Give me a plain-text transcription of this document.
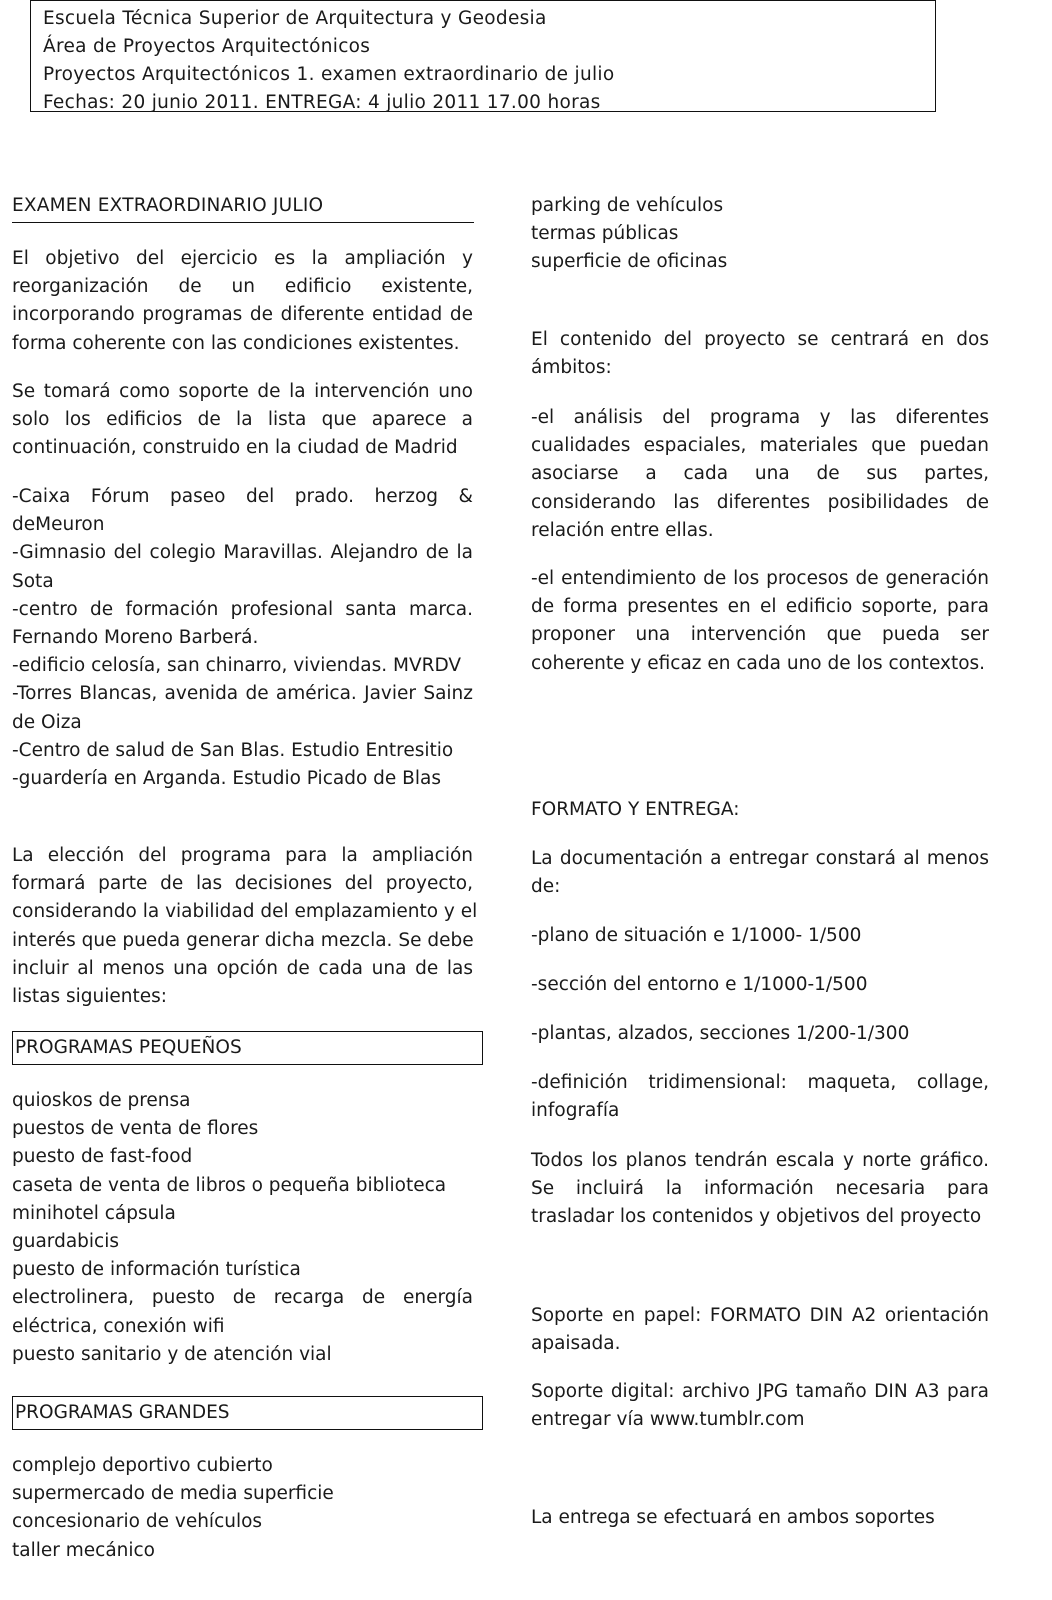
Escuela Técnica Superior de Arquitectura y Geodesia
Área de Proyectos Arquitectónicos
Proyectos Arquitectónicos 1. examen extraordinario de julio
Fechas: 20 junio 2011. ENTREGA: 4 julio 2011 17.00 horas
EXAMEN EXTRAORDINARIO JULIO
El objetivo del ejercicio es la ampliación y
reorganización de un edificio existente,
incorporando programas de diferente entidad de
forma coherente con las condiciones existentes.
Se tomará como soporte de la intervención uno
solo los edificios de la lista que aparece a
continuación, construido en la ciudad de Madrid
-Caixa Fórum paseo del prado. herzog &
deMeuron
-Gimnasio del colegio Maravillas. Alejandro de la
Sota
-centro de formación profesional santa marca.
Fernando Moreno Barberá.
-edificio celosía, san chinarro, viviendas. MVRDV
-Torres Blancas, avenida de américa. Javier Sainz
de Oiza
-Centro de salud de San Blas. Estudio Entresitio
-guardería en Arganda. Estudio Picado de Blas
La elección del programa para la ampliación
formará parte de las decisiones del proyecto,
considerando la viabilidad del emplazamiento y el
interés que pueda generar dicha mezcla. Se debe
incluir al menos una opción de cada una de las
listas siguientes:
PROGRAMAS PEQUEÑOS
quioskos de prensa
puestos de venta de flores
puesto de fast-food
caseta de venta de libros o pequeña biblioteca
minihotel cápsula
guardabicis
puesto de información turística
electrolinera, puesto de recarga de energía
eléctrica, conexión wifi
puesto sanitario y de atención vial
PROGRAMAS GRANDES
complejo deportivo cubierto
supermercado de media superficie
concesionario de vehículos
taller mecánico
parking de vehículos
termas públicas
superficie de oficinas
El contenido del proyecto se centrará en dos
ámbitos:
-el análisis del programa y las diferentes
cualidades espaciales, materiales que puedan
asociarse a cada una de sus partes,
considerando las diferentes posibilidades de
relación entre ellas.
-el entendimiento de los procesos de generación
de forma presentes en el edificio soporte, para
proponer una intervención que pueda ser
coherente y eficaz en cada uno de los contextos.
FORMATO Y ENTREGA:
La documentación a entregar constará al menos
de:
-plano de situación e 1/1000- 1/500
-sección del entorno e 1/1000-1/500
-plantas, alzados, secciones 1/200-1/300
-definición tridimensional: maqueta, collage,
infografía
Todos los planos tendrán escala y norte gráfico.
Se incluirá la información necesaria para
trasladar los contenidos y objetivos del proyecto
Soporte en papel: FORMATO DIN A2 orientación
apaisada.
Soporte digital: archivo JPG tamaño DIN A3 para
entregar vía www.tumblr.com
La entrega se efectuará en ambos soportes
